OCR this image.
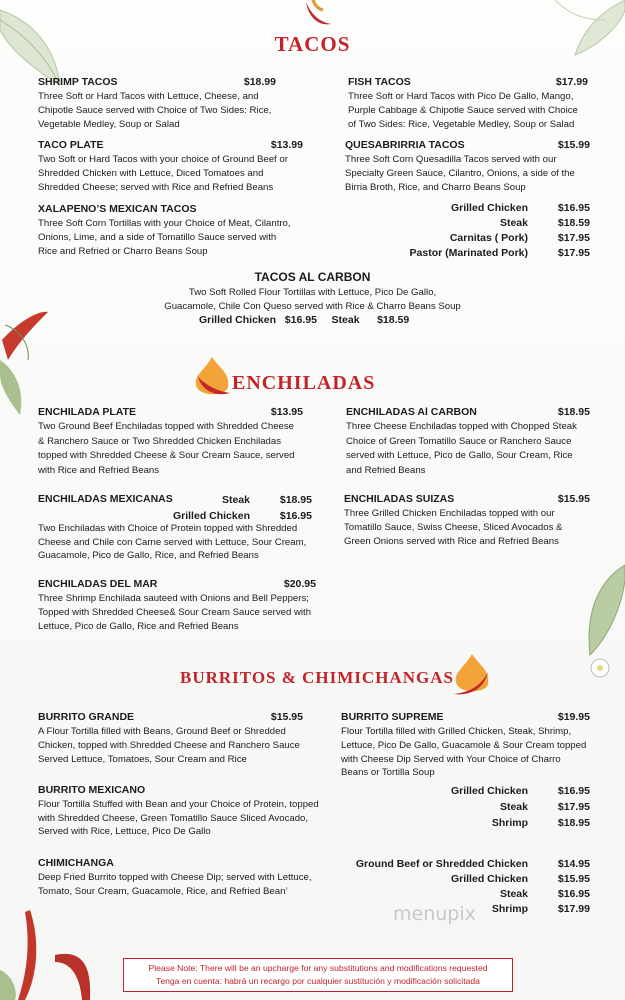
TACOS
SHRIMP TACOS	$18.99
Three Soft or Hard Tacos with Lettuce, Cheese, and Chipotle Sauce served with Choice of Two Sides: Rice, Vegetable Medley, Soup or Salad
FISH TACOS	$17.99
Three Soft or Hard Tacos with Pico De Gallo, Mango, Purple Cabbage & Chipotle Sauce served with Choice of Two Sides: Rice, Vegetable Medley, Soup or Salad
TACO PLATE	$13.99
Two Soft or Hard Tacos with your choice of Ground Beef or Shredded Chicken with Lettuce, Diced Tomatoes and Shredded Cheese; served with Rice and Refried Beans
QUESABRIRRIA TACOS	$15.99
Three Soft Corn Quesadilla Tacos served with our Specialty Green Sauce, Cilantro, Onions, a side of the Birria Broth, Rice, and Charro Beans Soup
XALAPENO’S MEXICAN TACOS
Three Soft Corn Tortillas with your Choice of Meat, Cilantro, Onions, Lime, and a side of Tomatillo Sauce served with Rice and Refried or Charro Beans Soup
Grilled Chicken	$16.95
Steak	$18.59
Carnitas ( Pork)	$17.95
Pastor (Marinated Pork)	$17.95
TACOS AL CARBON
Two Soft Rolled Flour Tortillas with Lettuce, Pico De Gallo,
Guacamole, Chile Con Queso served with Rice & Charro Beans Soup
Grilled Chicken $16.95 Steak $18.59
ENCHILADAS
ENCHILADA PLATE	$13.95
Two Ground Beef Enchiladas topped with Shredded Cheese & Ranchero Sauce or Two Shredded Chicken Enchiladas topped with Shredded Cheese & Sour Cream Sauce, served with Rice and Refried Beans
ENCHILADAS Al CARBON	$18.95
Three Cheese Enchiladas topped with Chopped Steak Choice of Green Tomatillo Sauce or Ranchero Sauce served with Lettuce, Pico de Gallo, Sour Cream, Rice and Refried Beans
ENCHILADAS MEXICANAS	Steak	$18.95
Grilled Chicken	$16.95
Two Enchiladas with Choice of Protein topped with Shredded Cheese and Chile con Carne served with Lettuce, Sour Cream, Guacamole, Pico de Gallo, Rice, and Refried Beans
ENCHILADAS SUIZAS	$15.95
Three Grilled Chicken Enchiladas topped with our Tomatillo Sauce, Swiss Cheese, Sliced Avocados & Green Onions served with Rice and Refried Beans
ENCHILADAS DEL MAR	$20.95
Three Shrimp Enchilada sauteed with Onions and Bell Peppers; Topped with Shredded Cheese& Sour Cream Sauce served with Lettuce, Pico de Gallo, Rice and Refried Beans
BURRITOS & CHIMICHANGAS
BURRITO GRANDE	$15.95
A Flour Tortilla filled with Beans, Ground Beef or Shredded Chicken, topped with Shredded Cheese and Ranchero Sauce Served Lettuce, Tomatoes, Sour Cream and Rice
BURRITO SUPREME	$19.95
Flour Tortilla filled with Grilled Chicken, Steak, Shrimp, Lettuce, Pico De Gallo, Guacamole & Sour Cream topped with Cheese Dip Served with Your Choice of Charro Beans or Tortilla Soup
BURRITO MEXICANO
Flour Tortilla Stuffed with Bean and your Choice of Protein, topped with Shredded Cheese, Green Tomatillo Sauce Sliced Avocado, Served with Rice, Lettuce, Pico De Gallo
Grilled Chicken	$16.95
Steak	$17.95
Shrimp	$18.95
CHIMICHANGA
Deep Fried Burrito topped with Cheese Dip; served with Lettuce, Tomato, Sour Cream, Guacamole, Rice, and Refried Bean’
Ground Beef or Shredded Chicken	$14.95
Grilled Chicken	$15.95
Steak	$16.95
Shrimp	$17.99
menupix
Please Note: There will be an upcharge for any substitutions and modifications requested
Tenga en cuenta: habrá un recargo por cualquier sustitución y modificación solicitada
